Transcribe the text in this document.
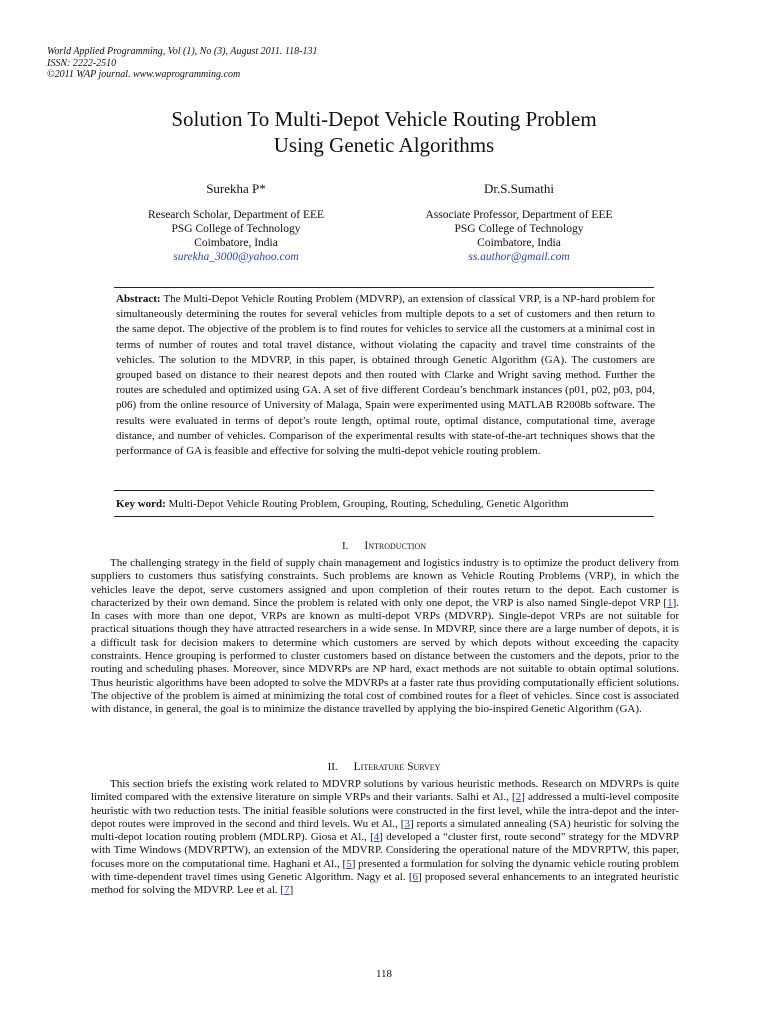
World Applied Programming, Vol (1), No (3), August 2011. 118-131
ISSN: 2222-2510
©2011 WAP journal. www.waprogramming.com
Solution To Multi-Depot Vehicle Routing Problem
Using Genetic Algorithms
Surekha P*
Research Scholar, Department of EEE
PSG College of Technology
Coimbatore, India
surekha_3000@yahoo.com
Dr.S.Sumathi
Associate Professor, Department of EEE
PSG College of Technology
Coimbatore, India
ss.author@gmail.com
Abstract: The Multi-Depot Vehicle Routing Problem (MDVRP), an extension of classical VRP, is a NP-hard problem for simultaneously determining the routes for several vehicles from multiple depots to a set of customers and then return to the same depot. The objective of the problem is to find routes for vehicles to service all the customers at a minimal cost in terms of number of routes and total travel distance, without violating the capacity and travel time constraints of the vehicles. The solution to the MDVRP, in this paper, is obtained through Genetic Algorithm (GA). The customers are grouped based on distance to their nearest depots and then routed with Clarke and Wright saving method. Further the routes are scheduled and optimized using GA. A set of five different Cordeau’s benchmark instances (p01, p02, p03, p04, p06) from the online resource of University of Malaga, Spain were experimented using MATLAB R2008b software. The results were evaluated in terms of depot’s route length, optimal route, optimal distance, computational time, average distance, and number of vehicles. Comparison of the experimental results with state-of-the-art techniques shows that the performance of GA is feasible and effective for solving the multi-depot vehicle routing problem.
Key word: Multi-Depot Vehicle Routing Problem, Grouping, Routing, Scheduling, Genetic Algorithm
I. Introduction
The challenging strategy in the field of supply chain management and logistics industry is to optimize the product delivery from suppliers to customers thus satisfying constraints. Such problems are known as Vehicle Routing Problems (VRP), in which the vehicles leave the depot, serve customers assigned and upon completion of their routes return to the depot. Each customer is characterized by their own demand. Since the problem is related with only one depot, the VRP is also named Single-depot VRP [1]. In cases with more than one depot, VRPs are known as multi-depot VRPs (MDVRP). Single-depot VRPs are not suitable for practical situations though they have attracted researchers in a wide sense. In MDVRP, since there are a large number of depots, it is a difficult task for decision makers to determine which customers are served by which depots without exceeding the capacity constraints. Hence grouping is performed to cluster customers based on distance between the customers and the depots, prior to the routing and scheduling phases. Moreover, since MDVRPs are NP hard, exact methods are not suitable to obtain optimal solutions. Thus heuristic algorithms have been adopted to solve the MDVRPs at a faster rate thus providing computationally efficient solutions. The objective of the problem is aimed at minimizing the total cost of combined routes for a fleet of vehicles. Since cost is associated with distance, in general, the goal is to minimize the distance travelled by applying the bio-inspired Genetic Algorithm (GA).
II. Literature Survey
This section briefs the existing work related to MDVRP solutions by various heuristic methods. Research on MDVRPs is quite limited compared with the extensive literature on simple VRPs and their variants. Salhi et Al., [2] addressed a multi-level composite heuristic with two reduction tests. The initial feasible solutions were constructed in the first level, while the intra-depot and the inter-depot routes were improved in the second and third levels. Wu et Al., [3] reports a simulated annealing (SA) heuristic for solving the multi-depot location routing problem (MDLRP). Giosa et Al., [4] developed a “cluster first, route second” strategy for the MDVRP with Time Windows (MDVRPTW), an extension of the MDVRP. Considering the operational nature of the MDVRPTW, this paper, focuses more on the computational time. Haghani et Al., [5] presented a formulation for solving the dynamic vehicle routing problem with time-dependent travel times using Genetic Algorithm. Nagy et al. [6] proposed several enhancements to an integrated heuristic method for solving the MDVRP. Lee et al. [7]
118
